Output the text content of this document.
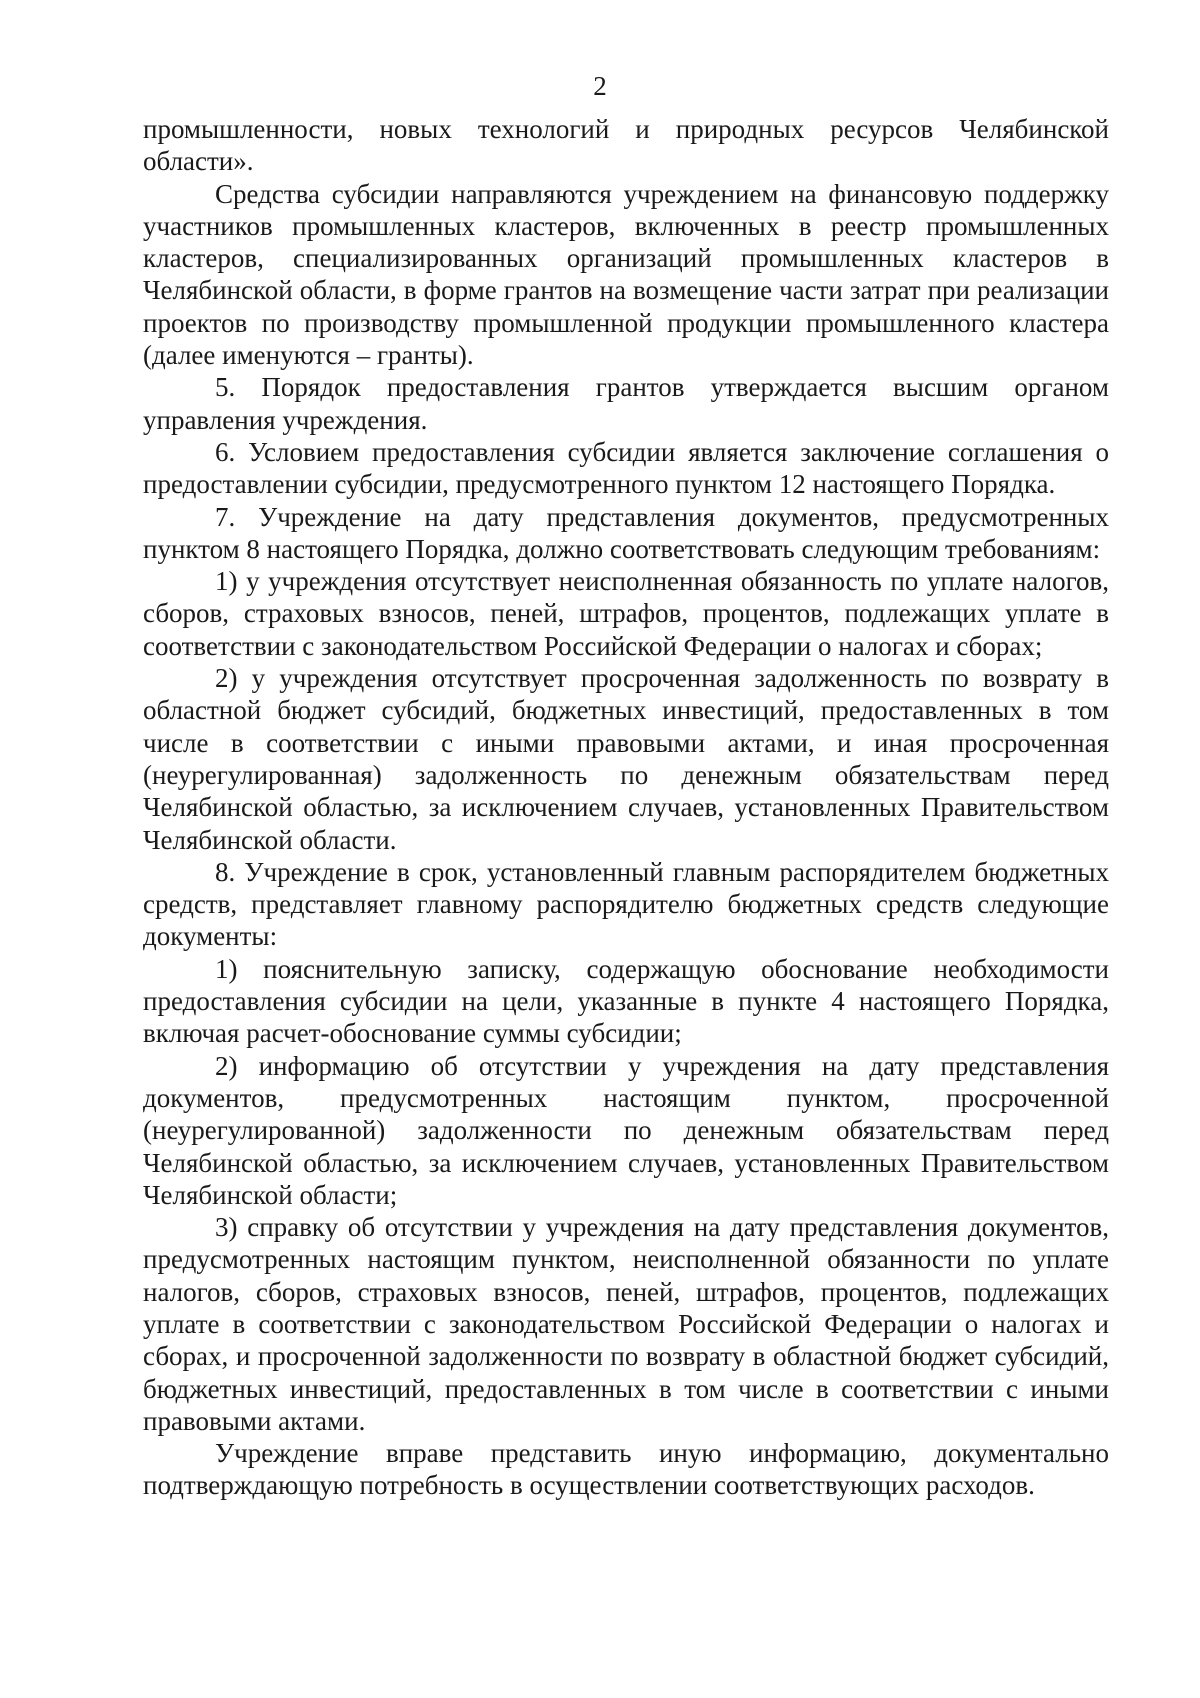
2

промышленности, новых технологий и природных ресурсов Челябинской области».

Средства субсидии направляются учреждением на финансовую поддержку участников промышленных кластеров, включенных в реестр промышленных кластеров, специализированных организаций промышленных кластеров в Челябинской области, в форме грантов на возмещение части затрат при реализации проектов по производству промышленной продукции промышленного кластера (далее именуются – гранты).

5. Порядок предоставления грантов утверждается высшим органом управления учреждения.

6. Условием предоставления субсидии является заключение соглашения о предоставлении субсидии, предусмотренного пунктом 12 настоящего Порядка.

7. Учреждение на дату представления документов, предусмотренных пунктом 8 настоящего Порядка, должно соответствовать следующим требованиям:

1) у учреждения отсутствует неисполненная обязанность по уплате налогов, сборов, страховых взносов, пеней, штрафов, процентов, подлежащих уплате в соответствии с законодательством Российской Федерации о налогах и сборах;

2) у учреждения отсутствует просроченная задолженность по возврату в областной бюджет субсидий, бюджетных инвестиций, предоставленных в том числе в соответствии с иными правовыми актами, и иная просроченная (неурегулированная) задолженность по денежным обязательствам перед Челябинской областью, за исключением случаев, установленных Правительством Челябинской области.

8. Учреждение в срок, установленный главным распорядителем бюджетных средств, представляет главному распорядителю бюджетных средств следующие документы:

1) пояснительную записку, содержащую обоснование необходимости предоставления субсидии на цели, указанные в пункте 4 настоящего Порядка, включая расчет-обоснование суммы субсидии;

2) информацию об отсутствии у учреждения на дату представления документов, предусмотренных настоящим пунктом, просроченной (неурегулированной) задолженности по денежным обязательствам перед Челябинской областью, за исключением случаев, установленных Правительством Челябинской области;

3) справку об отсутствии у учреждения на дату представления документов, предусмотренных настоящим пунктом, неисполненной обязанности по уплате налогов, сборов, страховых взносов, пеней, штрафов, процентов, подлежащих уплате в соответствии с законодательством Российской Федерации о налогах и сборах, и просроченной задолженности по возврату в областной бюджет субсидий, бюджетных инвестиций, предоставленных в том числе в соответствии с иными правовыми актами.

Учреждение вправе представить иную информацию, документально подтверждающую потребность в осуществлении соответствующих расходов.
